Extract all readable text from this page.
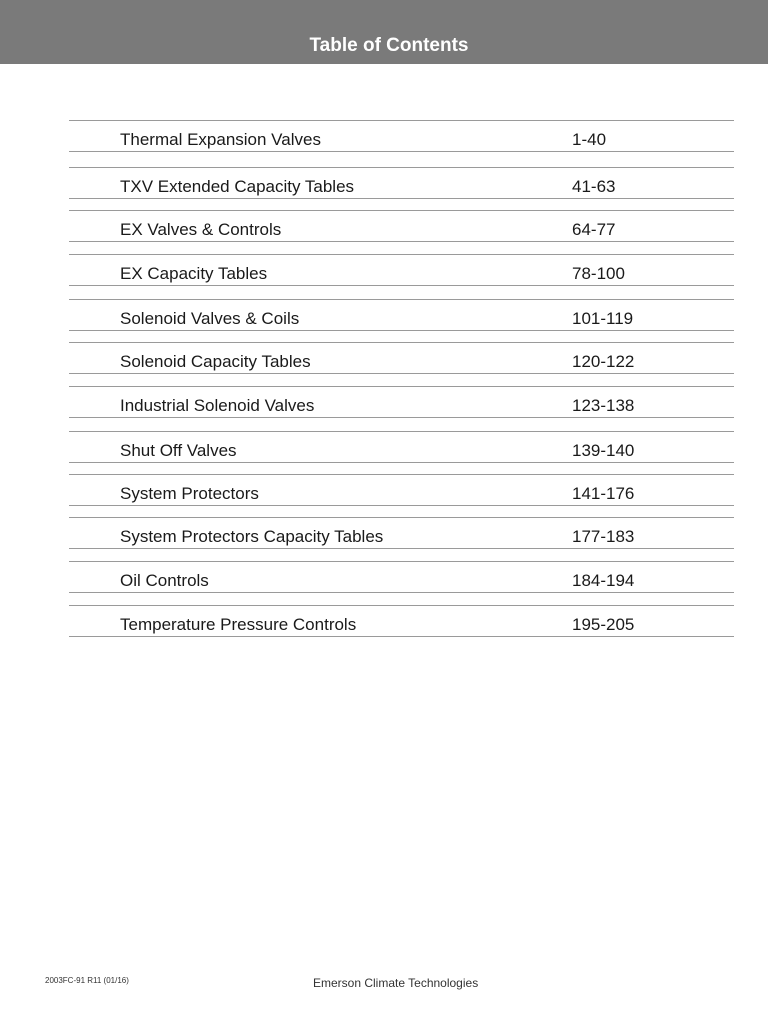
Table of Contents
Thermal Expansion Valves	1-40
TXV Extended Capacity Tables	41-63
EX Valves & Controls	64-77
EX Capacity Tables	78-100
Solenoid Valves & Coils	101-119
Solenoid Capacity Tables	120-122
Industrial Solenoid Valves	123-138
Shut Off Valves	139-140
System Protectors	141-176
System Protectors Capacity Tables	177-183
Oil Controls	184-194
Temperature Pressure Controls	195-205
2003FC-91 R11 (01/16)	Emerson Climate Technologies
